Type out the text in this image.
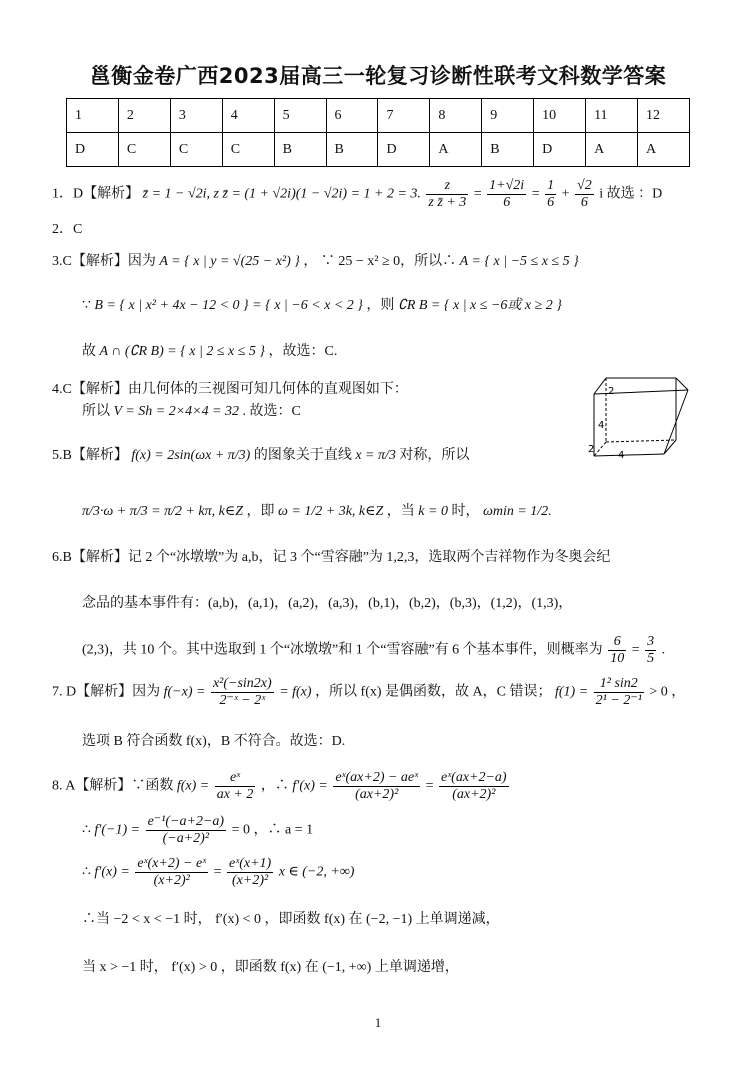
邕衡金卷广西2023届高三一轮复习诊断性联考文科数学答案
1	2	3	4	5	6	7	8	9	10	11	12
D	C	C	C	B	B	D	A	B	D	A	A
1．D【解析】 z̄ = 1 − √2i, z z̄ = (1 + √2i)(1 − √2i) = 1 + 2 = 3. $\frac{z}{\text{z z̄ + 3}} = \frac{1+√2i}{6} = \frac{1}{6} + \frac{√2}{6}$ i 故选 ：D
2．C
3.C【解析】因为 A = { x | y = √(25 − x²) } ， ∵ 25 − x² ≥ 0，所以∴ A = { x | −5 ≤ x ≤ 5 }
∵ B = { x | x² + 4x − 12 < 0 } = { x | −6 < x < 2 } ，则 ∁R B = { x | x ≤ −6或 x ≥ 2 }
故 A ∩ (∁R B) = { x | 2 ≤ x ≤ 5 } ，故选：C.
4.C【解析】由几何体的三视图可知几何体的直观图如下：
所以 V = Sh = 2×4×4 = 32 . 故选：C
2
4
2
4
5.B【解析】 f(x) = 2sin(ωx + π/3) 的图象关于直线 x = π/3 对称，所以
π/3·ω + π/3 = π/2 + kπ, k∈Z ，即 ω = 1/2 + 3k, k∈Z ，当 k = 0 时， ωmin = 1/2.
6.B【解析】记 2 个“冰墩墩”为 a,b，记 3 个“雪容融”为 1,2,3，选取两个吉祥物作为冬奥会纪
念品的基本事件有：(a,b)，(a,1)，(a,2)，(a,3)，(b,1)，(b,2)，(b,3)，(1,2)，(1,3)，
(2,3)，共 10 个。其中选取到 1 个“冰墩墩”和 1 个“雪容融”有 6 个基本事件，则概率为 $\frac{6}{10} = \frac{3}{5}$ .
7. D【解析】因为 $f(-x) = \frac{\text{x²(−sin2x)}}{\text{2⁻ˣ − 2ˣ}} = f(x)$ ，所以 f(x) 是偶函数，故 A，C 错误； $f(1) = \frac{\text{1² sin2}}{\text{2¹ − 2⁻¹}} > 0$ ，
选项 B 符合函数 f(x)，B 不符合。故选：D.
8. A【解析】∵函数 $f(x) = \frac{\text{eˣ}}{ax + 2}$ ，∴ $f'(x) = \frac{\text{eˣ(ax+2) − aeˣ}}{\text{(ax+2)²}} = \frac{\text{eˣ(ax+2−a)}}{\text{(ax+2)²}}$
∴ $f'(-1) = \frac{\text{e⁻¹(−a+2−a)}}{\text{(−a+2)²}} = 0$ ，∴ a = 1
∴ $f'(x) = \frac{\text{eˣ(x+2) − eˣ}}{\text{(x+2)²}} = \frac{\text{eˣ(x+1)}}{\text{(x+2)²}}$ x ∈ (−2, +∞)
∴当 −2 < x < −1 时， f′(x) < 0 ，即函数 f(x) 在 (−2, −1) 上单调递减，
当 x > −1 时， f′(x) > 0 ，即函数 f(x) 在 (−1, +∞) 上单调递增，
1
